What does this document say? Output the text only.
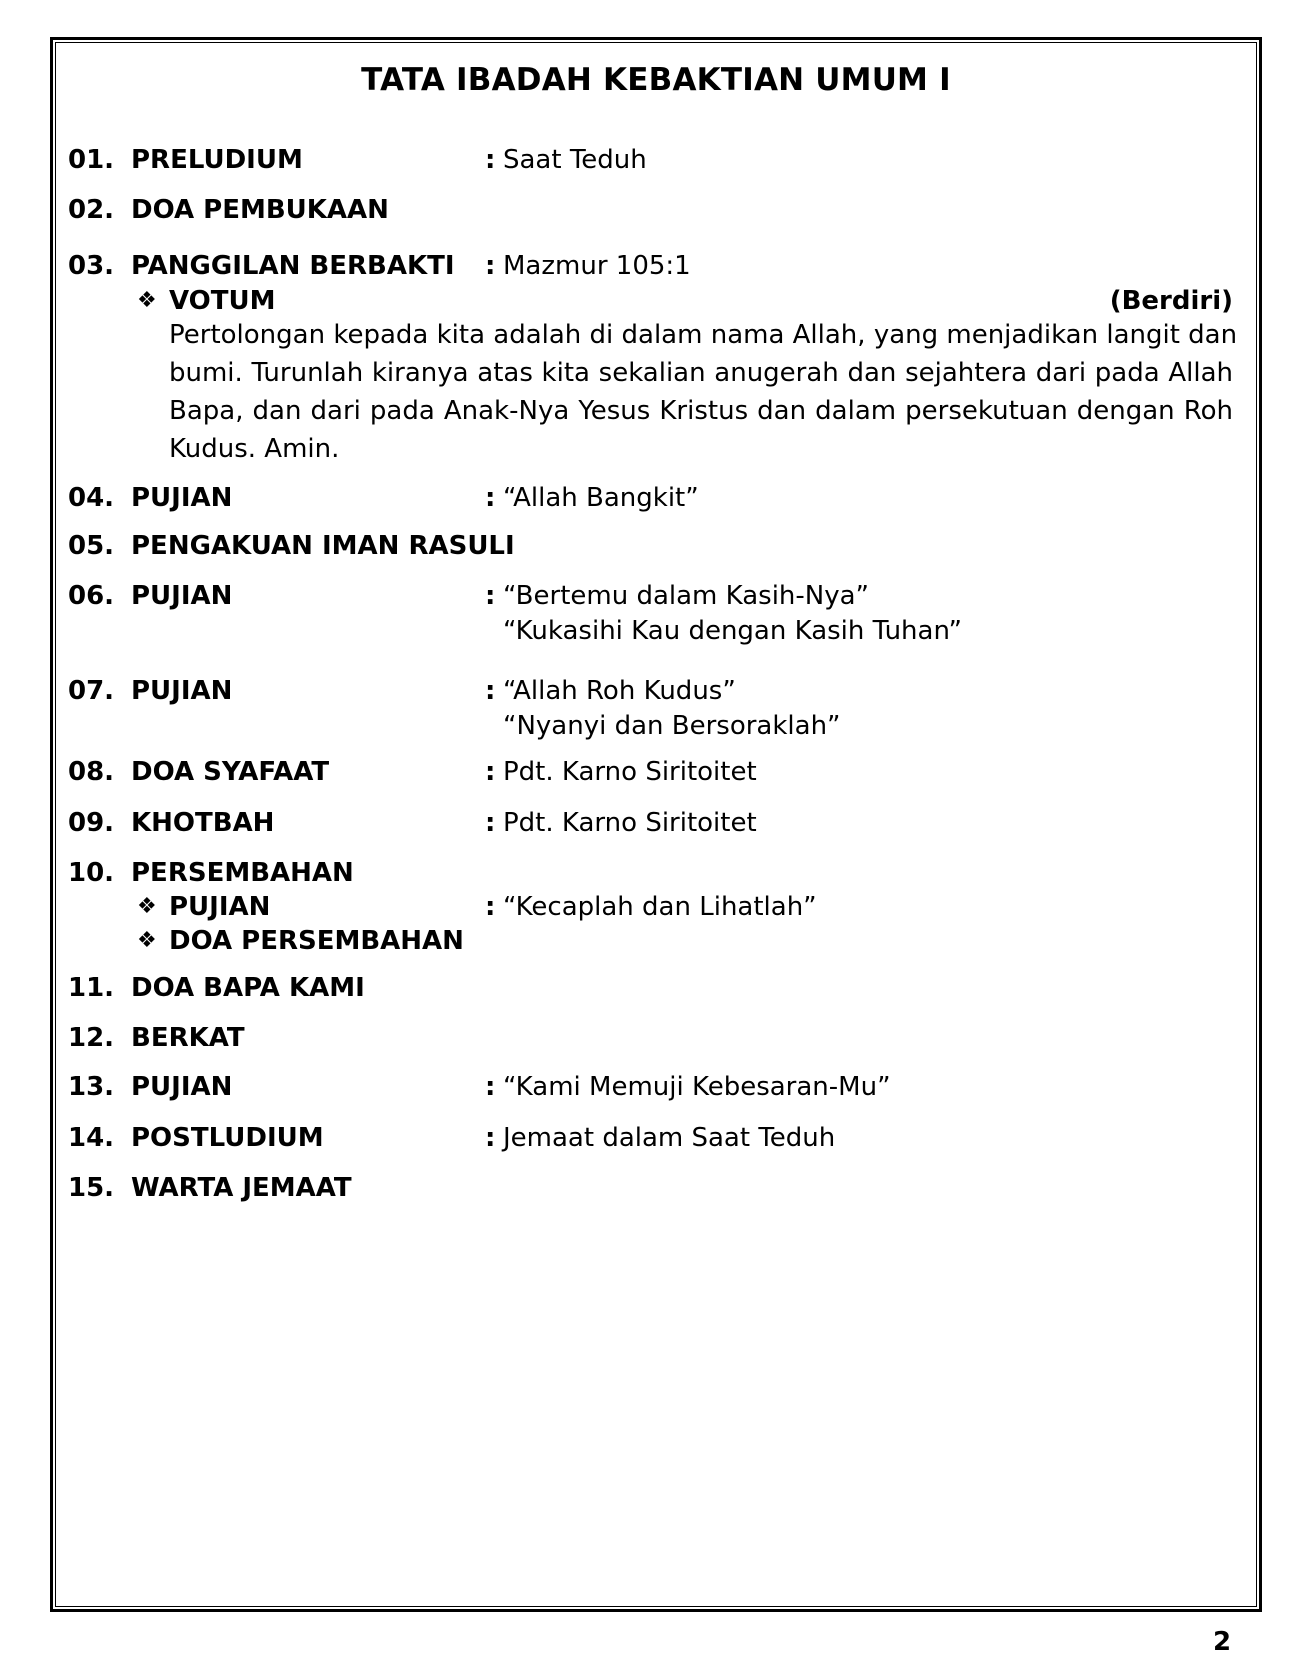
TATA IBADAH KEBAKTIAN UMUM I
01. PRELUDIUM	: Saat Teduh
02. DOA PEMBUKAAN
03. PANGGILAN BERBAKTI : Mazmur 105:1
❖ VOTUM	(Berdiri)
Pertolongan kepada kita adalah di dalam nama Allah, yang menjadikan langit dan
bumi. Turunlah kiranya atas kita sekalian anugerah dan sejahtera dari pada Allah
Bapa, dan dari pada Anak-Nya Yesus Kristus dan dalam persekutuan dengan Roh
Kudus. Amin.
04. PUJIAN	: “Allah Bangkit”
05. PENGAKUAN IMAN RASULI
06. PUJIAN	: “Bertemu dalam Kasih-Nya”
“Kukasihi Kau dengan Kasih Tuhan”
07. PUJIAN	: “Allah Roh Kudus”
“Nyanyi dan Bersoraklah”
08. DOA SYAFAAT	: Pdt. Karno Siritoitet
09. KHOTBAH	: Pdt. Karno Siritoitet
10. PERSEMBAHAN
❖ PUJIAN	: “Kecaplah dan Lihatlah”
❖ DOA PERSEMBAHAN
11. DOA BAPA KAMI
12. BERKAT
13. PUJIAN	: “Kami Memuji Kebesaran-Mu”
14. POSTLUDIUM	: Jemaat dalam Saat Teduh
15. WARTA JEMAAT
2
